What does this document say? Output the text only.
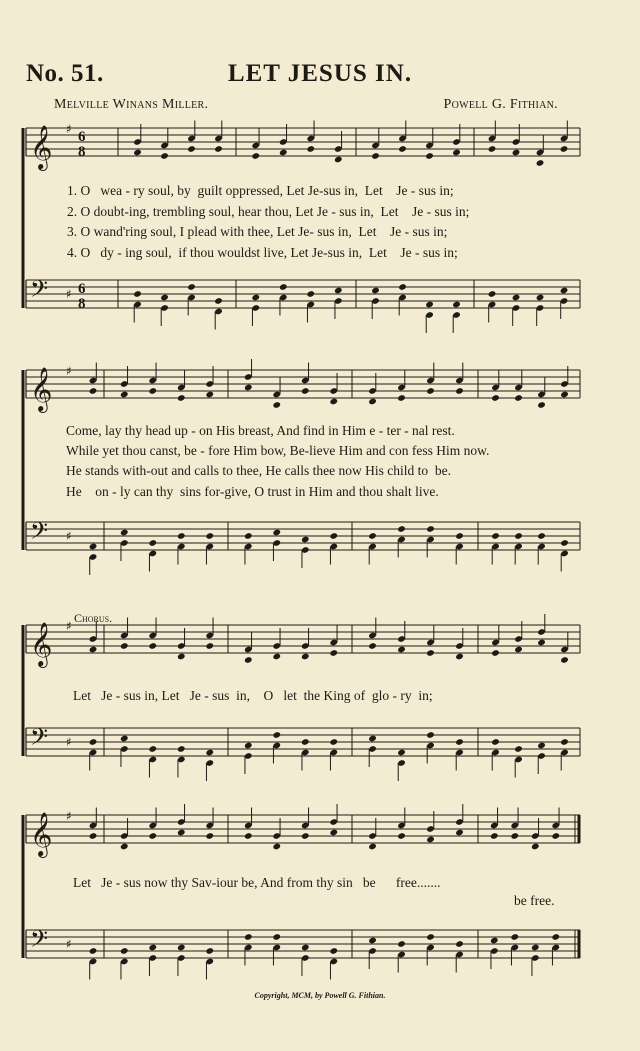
No. 51.	LET JESUS IN.
Melville Winans Miller.	Powell G. Fithian.
𝄞 ♯ 6
8
𝄢 ♯ 6
8
𝄞 ♯
𝄢 ♯
𝄞 ♯
𝄢 ♯
𝄞 ♯
𝄢 ♯
1. O   wea - ry soul, by  guilt oppressed, Let Je-sus in,  Let    Je - sus in;
2. O doubt-ing, trembling soul, hear thou, Let Je - sus in,  Let    Je - sus in;
3. O wand'ring soul, I plead with thee, Let Je- sus in,  Let    Je - sus in;
4. O   dy - ing soul,  if thou wouldst live, Let Je-sus in,  Let    Je - sus in;
Come, lay thy head up - on His breast, And find in Him e - ter - nal rest.
While yet thou canst, be - fore Him bow, Be-lieve Him and con fess Him now.
He stands with-out and calls to thee, He calls thee now His child to  be.
He    on - ly can thy  sins for-give, O trust in Him and thou shalt live.
Chorus.
Let   Je - sus in, Let   Je - sus  in,    O   let  the King of  glo - ry  in;
Let   Je - sus now thy Sav-iour be, And from thy sin   be      free.......
be free.
Copyright, MCM, by Powell G. Fithian.
